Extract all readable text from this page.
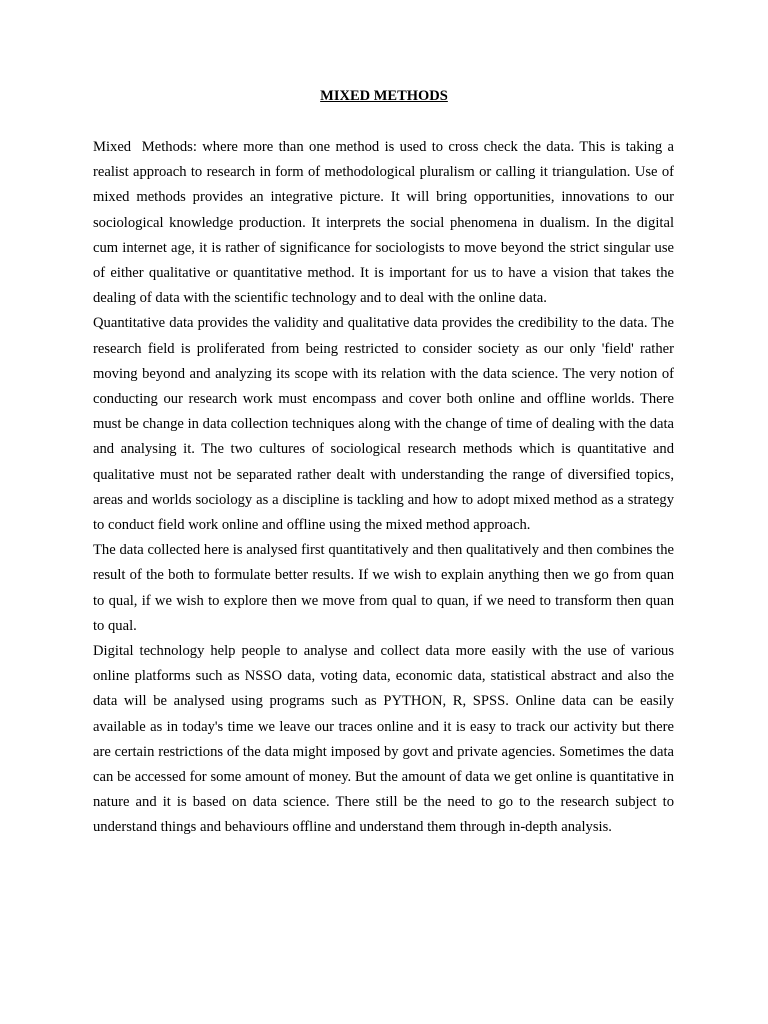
MIXED METHODS

Mixed  Methods: where more than one method is used to cross check the data. This is taking a realist approach to research in form of methodological pluralism or calling it triangulation. Use of mixed methods provides an integrative picture. It will bring opportunities, innovations to our sociological knowledge production. It interprets the social phenomena in dualism. In the digital cum internet age, it is rather of significance for sociologists to move beyond the strict singular use of either qualitative or quantitative method. It is important for us to have a vision that takes the dealing of data with the scientific technology and to deal with the online data.

Quantitative data provides the validity and qualitative data provides the credibility to the data. The research field is proliferated from being restricted to consider society as our only 'field' rather moving beyond and analyzing its scope with its relation with the data science. The very notion of conducting our research work must encompass and cover both online and offline worlds. There must be change in data collection techniques along with the change of time of dealing with the data and analysing it. The two cultures of sociological research methods which is quantitative and qualitative must not be separated rather dealt with understanding the range of diversified topics, areas and worlds sociology as a discipline is tackling and how to adopt mixed method as a strategy to conduct field work online and offline using the mixed method approach.

The data collected here is analysed first quantitatively and then qualitatively and then combines the result of the both to formulate better results. If we wish to explain anything then we go from quan to qual, if we wish to explore then we move from qual to quan, if we need to transform then quan to qual.

Digital technology help people to analyse and collect data more easily with the use of various online platforms such as NSSO data, voting data, economic data, statistical abstract and also the data will be analysed using programs such as PYTHON, R, SPSS. Online data can be easily available as in today's time we leave our traces online and it is easy to track our activity but there are certain restrictions of the data might imposed by govt and private agencies. Sometimes the data can be accessed for some amount of money. But the amount of data we get online is quantitative in nature and it is based on data science. There still be the need to go to the research subject to understand things and behaviours offline and understand them through in-depth analysis.
